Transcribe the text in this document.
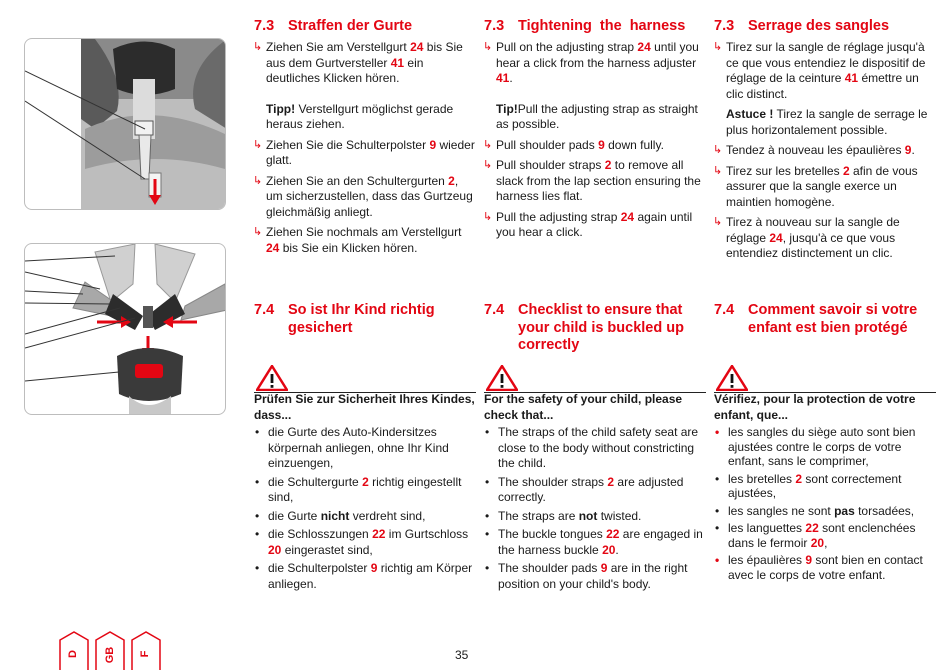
7.3 Straffen der Gurte
↳ Ziehen Sie am Verstellgurt 24 bis Sie aus dem Gurtversteller 41 ein deutliches Klicken hören.
Tipp! Verstellgurt möglichst gerade heraus ziehen.
↳ Ziehen Sie die Schulterpolster 9 wieder glatt.
↳ Ziehen Sie an den Schultergurten 2, um sicherzustellen, dass das Gurtzeug gleichmäßig anliegt.
↳ Ziehen Sie nochmals am Verstellgurt 24 bis Sie ein Klicken hören.
7.4 So ist Ihr Kind richtig gesichert
Prüfen Sie zur Sicherheit Ihres Kindes, dass...
• die Gurte des Auto-Kindersitzes körpernah anliegen, ohne Ihr Kind einzuengen,
• die Schultergurte 2 richtig eingestellt sind,
• die Gurte nicht verdreht sind,
• die Schlosszungen 22 im Gurtschloss 20 eingerastet sind,
• die Schulterpolster 9 richtig am Körper anliegen.
7.3 Tightening  the  harness
↳ Pull on the adjusting strap 24 until you hear a click from the harness adjuster 41.
Tip!Pull the adjusting strap as straight as possible.
↳ Pull shoulder pads 9 down fully.
↳ Pull shoulder straps 2 to remove all slack from the lap section ensuring the harness lies flat.
↳ Pull the adjusting strap 24 again until you hear a click.
7.4 Checklist to ensure that your child is buckled up correctly
For the safety of your child, please check that...
• The straps of the child safety seat are close to the body without constricting the child.
• The shoulder straps 2 are adjusted correctly.
• The straps are not twisted.
• The buckle tongues 22 are engaged in the harness buckle 20.
• The shoulder pads 9 are in the right position on your child's body.
7.3 Serrage des sangles
↳ Tirez sur la sangle de réglage jusqu'à ce que vous entendiez le dispositif de réglage de la ceinture 41 émettre un clic distinct.
Astuce ! Tirez la sangle de serrage le plus horizontalement possible.
↳ Tendez à nouveau les épaulières 9.
↳ Tirez sur les bretelles 2 afin de vous assurer que la sangle exerce un maintien homogène.
↳ Tirez à nouveau sur la sangle de réglage 24, jusqu'à ce que vous entendiez distinctement un clic.
7.4 Comment savoir si votre enfant est bien protégé
Vérifiez, pour la protection de votre enfant, que...
• les sangles du siège auto sont bien ajustées contre le corps de votre enfant, sans le comprimer,
• les bretelles 2 sont correctement ajustées,
• les sangles ne sont pas torsadées,
• les languettes 22 sont enclenchées dans le fermoir 20,
• les épaulières 9 sont bien en contact avec le corps de votre enfant.
35
D GB F
